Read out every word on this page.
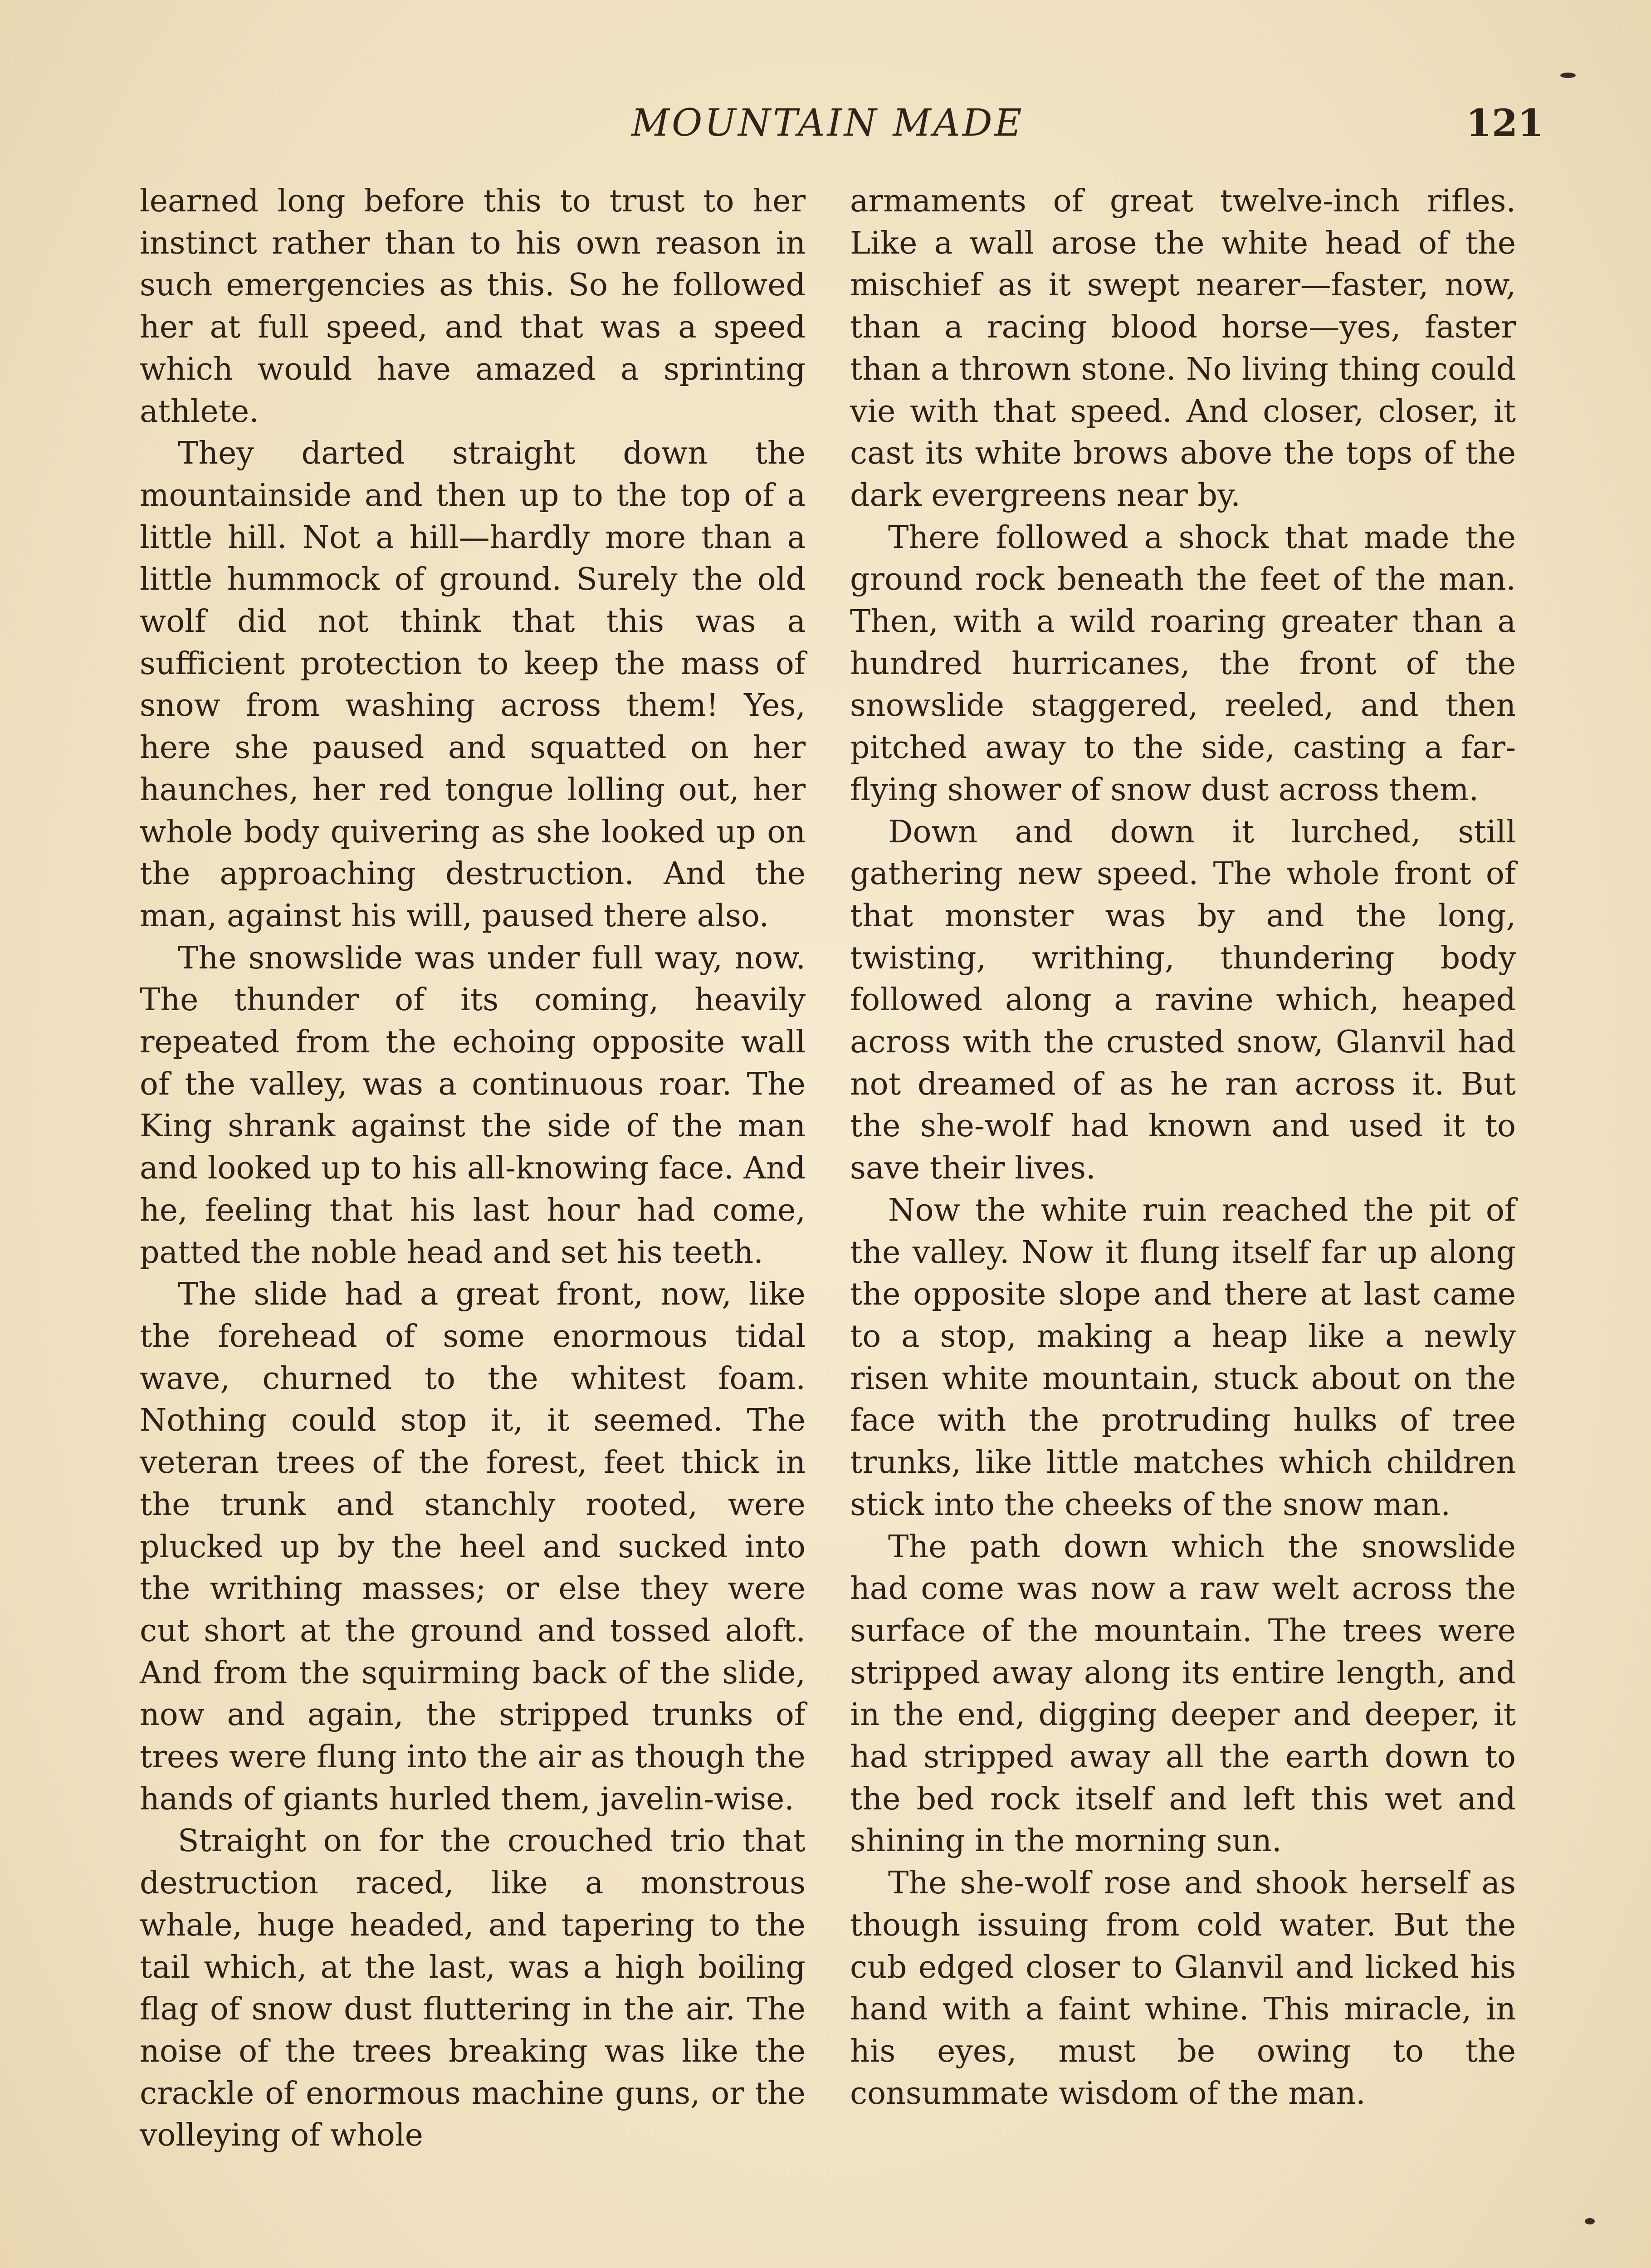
MOUNTAIN MADE	121

learned long before this to trust to her instinct rather than to his own reason in such emergencies as this. So he followed her at full speed, and that was a speed which would have amazed a sprinting athlete.

They darted straight down the mountainside and then up to the top of a little hill. Not a hill—hardly more than a little hummock of ground. Surely the old wolf did not think that this was a sufficient protection to keep the mass of snow from washing across them! Yes, here she paused and squatted on her haunches, her red tongue lolling out, her whole body quivering as she looked up on the approaching destruction. And the man, against his will, paused there also.

The snowslide was under full way, now. The thunder of its coming, heavily repeated from the echoing opposite wall of the valley, was a continuous roar. The King shrank against the side of the man and looked up to his all-knowing face. And he, feeling that his last hour had come, patted the noble head and set his teeth.

The slide had a great front, now, like the forehead of some enormous tidal wave, churned to the whitest foam. Nothing could stop it, it seemed. The veteran trees of the forest, feet thick in the trunk and stanchly rooted, were plucked up by the heel and sucked into the writhing masses; or else they were cut short at the ground and tossed aloft. And from the squirming back of the slide, now and again, the stripped trunks of trees were flung into the air as though the hands of giants hurled them, javelin-wise.

Straight on for the crouched trio that destruction raced, like a monstrous whale, huge headed, and tapering to the tail which, at the last, was a high boiling flag of snow dust fluttering in the air. The noise of the trees breaking was like the crackle of enormous machine guns, or the volleying of whole

armaments of great twelve-inch rifles. Like a wall arose the white head of the mischief as it swept nearer—faster, now, than a racing blood horse—yes, faster than a thrown stone. No living thing could vie with that speed. And closer, closer, it cast its white brows above the tops of the dark evergreens near by.

There followed a shock that made the ground rock beneath the feet of the man. Then, with a wild roaring greater than a hundred hurricanes, the front of the snowslide staggered, reeled, and then pitched away to the side, casting a far-flying shower of snow dust across them.

Down and down it lurched, still gathering new speed. The whole front of that monster was by and the long, twisting, writhing, thundering body followed along a ravine which, heaped across with the crusted snow, Glanvil had not dreamed of as he ran across it. But the she-wolf had known and used it to save their lives.

Now the white ruin reached the pit of the valley. Now it flung itself far up along the opposite slope and there at last came to a stop, making a heap like a newly risen white mountain, stuck about on the face with the protruding hulks of tree trunks, like little matches which children stick into the cheeks of the snow man.

The path down which the snowslide had come was now a raw welt across the surface of the mountain. The trees were stripped away along its entire length, and in the end, digging deeper and deeper, it had stripped away all the earth down to the bed rock itself and left this wet and shining in the morning sun.

The she-wolf rose and shook herself as though issuing from cold water. But the cub edged closer to Glanvil and licked his hand with a faint whine. This miracle, in his eyes, must be owing to the consummate wisdom of the man.
